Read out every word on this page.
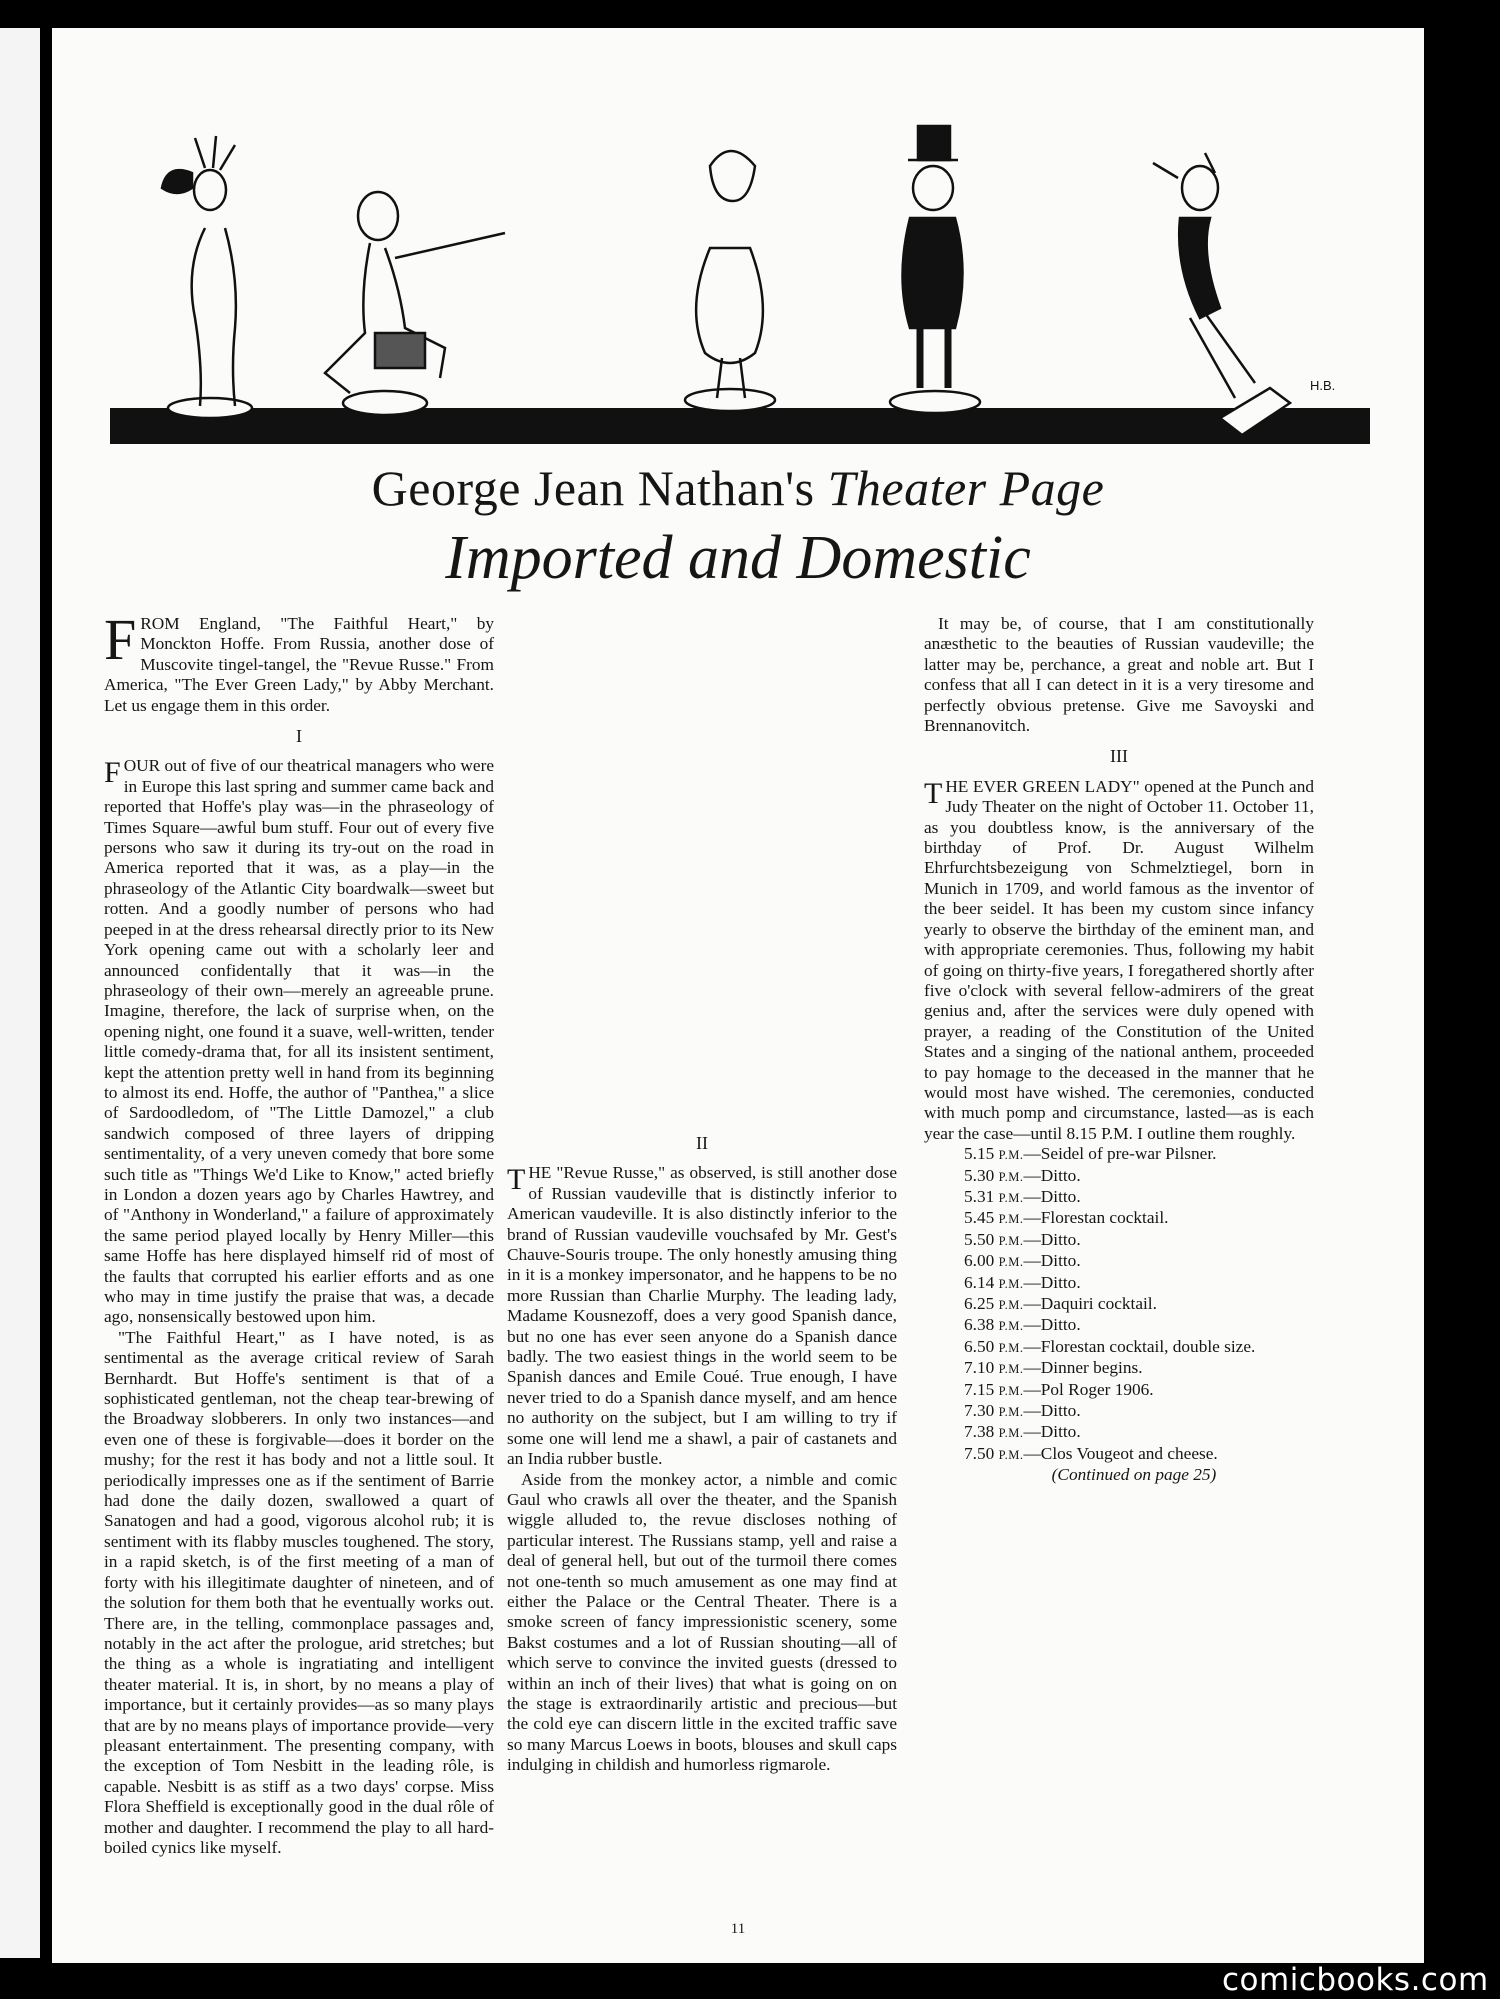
H.B.
George Jean Nathan's Theater Page
Imported and Domestic

FROM England, "The Faithful Heart," by Monckton Hoffe. From Russia, another dose of Muscovite tingel-tangel, the "Revue Russe." From America, "The Ever Green Lady," by Abby Merchant. Let us engage them in this order.

I

FOUR out of five of our theatrical managers who were in Europe this last spring and summer came back and reported that Hoffe's play was—in the phraseology of Times Square—awful bum stuff. Four out of every five persons who saw it during its try-out on the road in America reported that it was, as a play—in the phraseology of the Atlantic City boardwalk—sweet but rotten. And a goodly number of persons who had peeped in at the dress rehearsal directly prior to its New York opening came out with a scholarly leer and announced confidentally that it was—in the phraseology of their own—merely an agreeable prune. Imagine, therefore, the lack of surprise when, on the opening night, one found it a suave, well-written, tender little comedy-drama that, for all its insistent sentiment, kept the attention pretty well in hand from its beginning to almost its end. Hoffe, the author of "Panthea," a slice of Sardoodledom, of "The Little Damozel," a club sandwich composed of three layers of dripping sentimentality, of a very uneven comedy that bore some such title as "Things We'd Like to Know," acted briefly in London a dozen years ago by Charles Hawtrey, and of "Anthony in Wonderland," a failure of approximately the same period played locally by Henry Miller—this same Hoffe has here displayed himself rid of most of the faults that corrupted his earlier efforts and as one who may in time justify the praise that was, a decade ago, nonsensically bestowed upon him.

"The Faithful Heart," as I have noted, is as sentimental as the average critical review of Sarah Bernhardt. But Hoffe's sentiment is that of a sophisticated gentleman, not the cheap tear-brewing of the Broadway slobberers. In only two instances—and even one of these is forgivable—does it border on the mushy; for the rest it has body and not a little soul. It periodically impresses one as if the sentiment of Barrie had done the daily dozen, swallowed a quart of Sanatogen and had a good, vigorous alcohol rub; it is sentiment with its flabby muscles toughened. The story, in a rapid sketch, is of the first meeting of a man of forty with his illegitimate daughter of nineteen, and of the solution for them both that he eventually works out. There are, in the telling, commonplace passages and, notably in the act after the prologue, arid stretches; but the thing as a whole is ingratiating and intelligent theater material. It is, in short, by no means a play of importance, but it certainly provides—as so many plays that are by no means plays of importance provide—very pleasant entertainment. The presenting company, with the exception of Tom Nesbitt in the leading rôle, is capable. Nesbitt is as stiff as a two days' corpse. Miss Flora Sheffield is exceptionally good in the dual rôle of mother and daughter. I recommend the play to all hard-boiled cynics like myself.

II

THE "Revue Russe," as observed, is still another dose of Russian vaudeville that is distinctly inferior to American vaudeville. It is also distinctly inferior to the brand of Russian vaudeville vouchsafed by Mr. Gest's Chauve-Souris troupe. The only honestly amusing thing in it is a monkey impersonator, and he happens to be no more Russian than Charlie Murphy. The leading lady, Madame Kousnezoff, does a very good Spanish dance, but no one has ever seen anyone do a Spanish dance badly. The two easiest things in the world seem to be Spanish dances and Emile Coué. True enough, I have never tried to do a Spanish dance myself, and am hence no authority on the subject, but I am willing to try if some one will lend me a shawl, a pair of castanets and an India rubber bustle.

Aside from the monkey actor, a nimble and comic Gaul who crawls all over the theater, and the Spanish wiggle alluded to, the revue discloses nothing of particular interest. The Russians stamp, yell and raise a deal of general hell, but out of the turmoil there comes not one-tenth so much amusement as one may find at either the Palace or the Central Theater. There is a smoke screen of fancy impressionistic scenery, some Bakst costumes and a lot of Russian shouting—all of which serve to convince the invited guests (dressed to within an inch of their lives) that what is going on on the stage is extraordinarily artistic and precious—but the cold eye can discern little in the excited traffic save so many Marcus Loews in boots, blouses and skull caps indulging in childish and humorless rigmarole.

It may be, of course, that I am constitutionally anæsthetic to the beauties of Russian vaudeville; the latter may be, perchance, a great and noble art. But I confess that all I can detect in it is a very tiresome and perfectly obvious pretense. Give me Savoyski and Brennanovitch.

III

THE EVER GREEN LADY" opened at the Punch and Judy Theater on the night of October 11. October 11, as you doubtless know, is the anniversary of the birthday of Prof. Dr. August Wilhelm Ehrfurchtsbezeigung von Schmelztiegel, born in Munich in 1709, and world famous as the inventor of the beer seidel. It has been my custom since infancy yearly to observe the birthday of the eminent man, and with appropriate ceremonies. Thus, following my habit of going on thirty-five years, I foregathered shortly after five o'clock with several fellow-admirers of the great genius and, after the services were duly opened with prayer, a reading of the Constitution of the United States and a singing of the national anthem, proceeded to pay homage to the deceased in the manner that he would most have wished. The ceremonies, conducted with much pomp and circumstance, lasted—as is each year the case—until 8.15 P.M. I outline them roughly.

5.15 P.M.—Seidel of pre-war Pilsner.
5.30 P.M.—Ditto.
5.31 P.M.—Ditto.
5.45 P.M.—Florestan cocktail.
5.50 P.M.—Ditto.
6.00 P.M.—Ditto.
6.14 P.M.—Ditto.
6.25 P.M.—Daquiri cocktail.
6.38 P.M.—Ditto.
6.50 P.M.—Florestan cocktail, double size.
7.10 P.M.—Dinner begins.
7.15 P.M.—Pol Roger 1906.
7.30 P.M.—Ditto.
7.38 P.M.—Ditto.
7.50 P.M.—Clos Vougeot and cheese.
(Continued on page 25)
11
comicbooks.com
